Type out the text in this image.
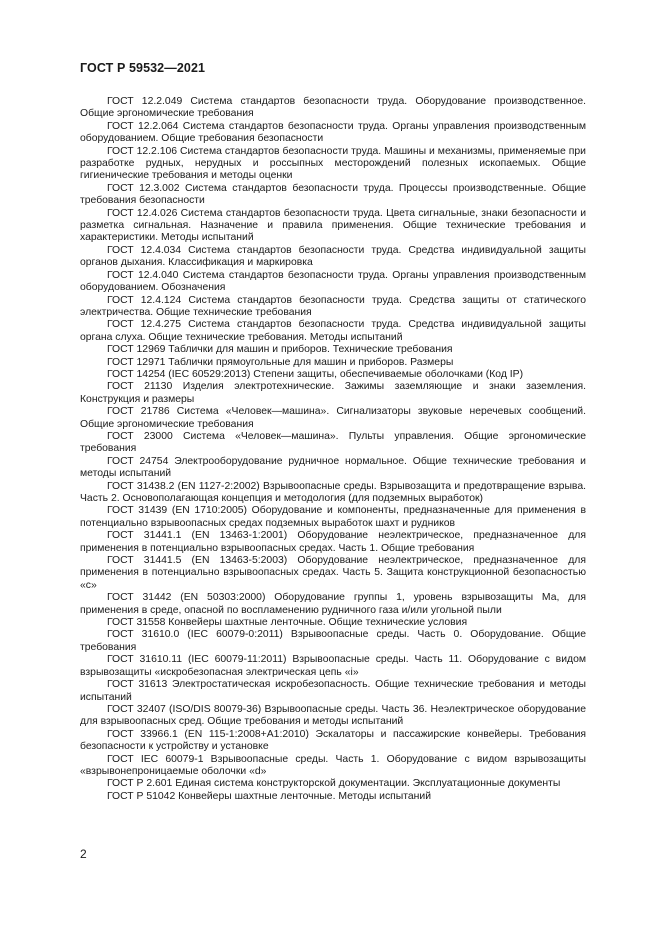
ГОСТ Р 59532—2021

ГОСТ 12.2.049 Система стандартов безопасности труда. Оборудование производственное. Общие эргономические требования

ГОСТ 12.2.064 Система стандартов безопасности труда. Органы управления производственным оборудованием. Общие требования безопасности

ГОСТ 12.2.106 Система стандартов безопасности труда. Машины и механизмы, применяемые при разработке рудных, нерудных и россыпных месторождений полезных ископаемых. Общие гигиенические требования и методы оценки

ГОСТ 12.3.002 Система стандартов безопасности труда. Процессы производственные. Общие требования безопасности

ГОСТ 12.4.026 Система стандартов безопасности труда. Цвета сигнальные, знаки безопасности и разметка сигнальная. Назначение и правила применения. Общие технические требования и характеристики. Методы испытаний

ГОСТ 12.4.034 Система стандартов безопасности труда. Средства индивидуальной защиты органов дыхания. Классификация и маркировка

ГОСТ 12.4.040 Система стандартов безопасности труда. Органы управления производственным оборудованием. Обозначения

ГОСТ 12.4.124 Система стандартов безопасности труда. Средства защиты от статического электричества. Общие технические требования

ГОСТ 12.4.275 Система стандартов безопасности труда. Средства индивидуальной защиты органа слуха. Общие технические требования. Методы испытаний

ГОСТ 12969 Таблички для машин и приборов. Технические требования

ГОСТ 12971 Таблички прямоугольные для машин и приборов. Размеры

ГОСТ 14254 (IEC 60529:2013) Степени защиты, обеспечиваемые оболочками (Код IP)

ГОСТ 21130 Изделия электротехнические. Зажимы заземляющие и знаки заземления. Конструкция и размеры

ГОСТ 21786 Система «Человек—машина». Сигнализаторы звуковые неречевых сообщений. Общие эргономические требования

ГОСТ 23000 Система «Человек—машина». Пульты управления. Общие эргономические требования

ГОСТ 24754 Электрооборудование рудничное нормальное. Общие технические требования и методы испытаний

ГОСТ 31438.2 (EN 1127-2:2002) Взрывоопасные среды. Взрывозащита и предотвращение взрыва. Часть 2. Основополагающая концепция и методология (для подземных выработок)

ГОСТ 31439 (EN 1710:2005) Оборудование и компоненты, предназначенные для применения в потенциально взрывоопасных средах подземных выработок шахт и рудников

ГОСТ 31441.1 (EN 13463-1:2001) Оборудование неэлектрическое, предназначенное для применения в потенциально взрывоопасных средах. Часть 1. Общие требования

ГОСТ 31441.5 (EN 13463-5:2003) Оборудование неэлектрическое, предназначенное для применения в потенциально взрывоопасных средах. Часть 5. Защита конструкционной безопасностью «с»

ГОСТ 31442 (EN 50303:2000) Оборудование группы 1, уровень взрывозащиты Ма, для применения в среде, опасной по воспламенению рудничного газа и/или угольной пыли

ГОСТ 31558 Конвейеры шахтные ленточные. Общие технические условия

ГОСТ 31610.0 (IEC 60079-0:2011) Взрывоопасные среды. Часть 0. Оборудование. Общие требования

ГОСТ 31610.11 (IEC 60079-11:2011) Взрывоопасные среды. Часть 11. Оборудование с видом взрывозащиты «искробезопасная электрическая цепь «i»

ГОСТ 31613 Электростатическая искробезопасность. Общие технические требования и методы испытаний

ГОСТ 32407 (ISO/DIS 80079-36) Взрывоопасные среды. Часть 36. Неэлектрическое оборудование для взрывоопасных сред. Общие требования и методы испытаний

ГОСТ 33966.1 (EN 115-1:2008+A1:2010) Эскалаторы и пассажирские конвейеры. Требования безопасности к устройству и установке

ГОСТ IEC 60079-1 Взрывоопасные среды. Часть 1. Оборудование с видом взрывозащиты «взрывонепроницаемые оболочки «d»

ГОСТ Р 2.601 Единая система конструкторской документации. Эксплуатационные документы

ГОСТ Р 51042 Конвейеры шахтные ленточные. Методы испытаний

2
